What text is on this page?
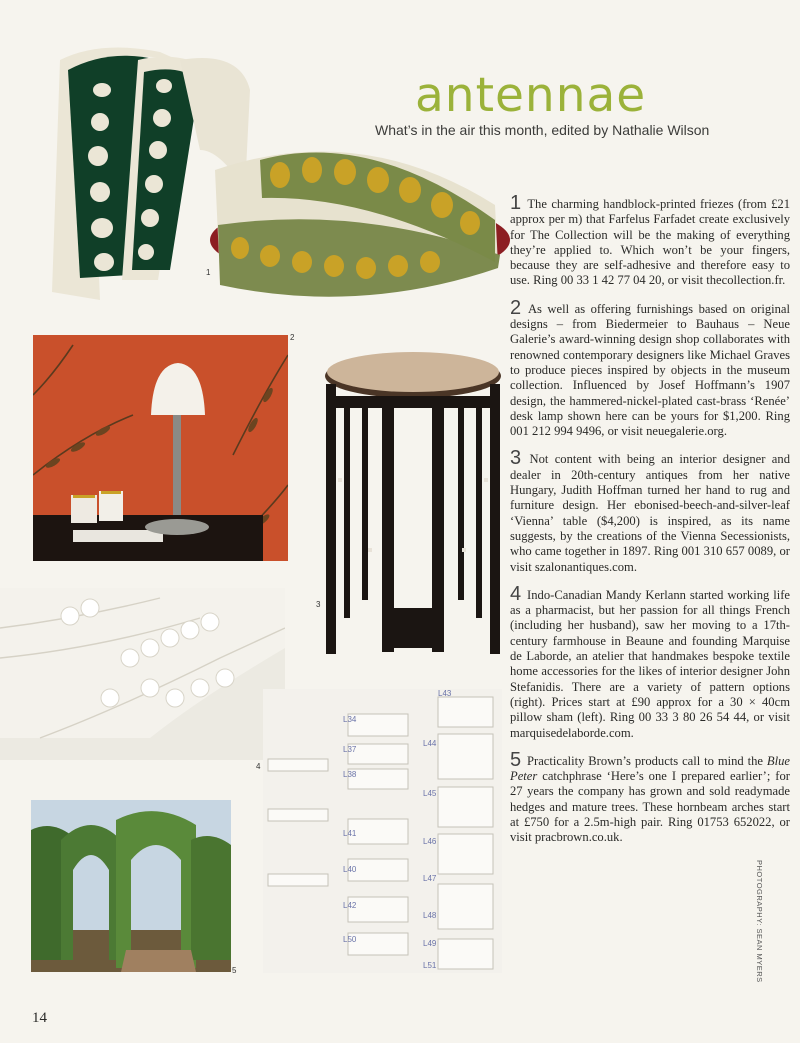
antennae
What’s in the air this month, edited by Nathalie Wilson
1
2
3
L34
L43
L37
L38
L44
L45
L46
L47
L41
L48
L40
L49
L42
L50
L51
4
5

1 The charming handblock-printed friezes (from £21 approx per m) that Farfelus Farfadet create exclusively for The Collection will be the making of everything they’re applied to. Which won’t be your fingers, because they are self-adhesive and therefore easy to use. Ring 00 33 1 42 77 04 20, or visit thecollection.fr.

2 As well as offering furnishings based on original designs – from Biedermeier to Bauhaus – Neue Galerie’s award-winning design shop collaborates with renowned contemporary designers like Michael Graves to produce pieces inspired by objects in the museum collection. Influenced by Josef Hoffmann’s 1907 design, the hammered-nickel-plated cast-brass ‘Renée’ desk lamp shown here can be yours for $1,200. Ring 001 212 994 9496, or visit neuegalerie.org.

3 Not content with being an interior designer and dealer in 20th-century antiques from her native Hungary, Judith Hoffman turned her hand to rug and furniture design. Her ebonised-beech-and-silver-leaf ‘Vienna’ table ($4,200) is inspired, as its name suggests, by the creations of the Vienna Secessionists, who came together in 1897. Ring 001 310 657 0089, or visit szalonantiques.com.

4 Indo-Canadian Mandy Kerlann started working life as a pharmacist, but her passion for all things French (including her husband), saw her moving to a 17th-century farmhouse in Beaune and founding Marquise de Laborde, an atelier that handmakes bespoke textile home accessories for the likes of interior designer John Stefanidis. There are a variety of pattern options (right). Prices start at £90 approx for a 30 × 40cm pillow sham (left). Ring 00 33 3 80 26 54 44, or visit marquisedelaborde.com.

5 Practicality Brown’s products call to mind the Blue Peter catchphrase ‘Here’s one I prepared earlier’; for 27 years the company has grown and sold readymade hedges and mature trees. These hornbeam arches start at £750 for a 2.5m-high pair. Ring 01753 652022, or visit pracbrown.co.uk.

14
PHOTOGRAPHY: SEAN MYERS
